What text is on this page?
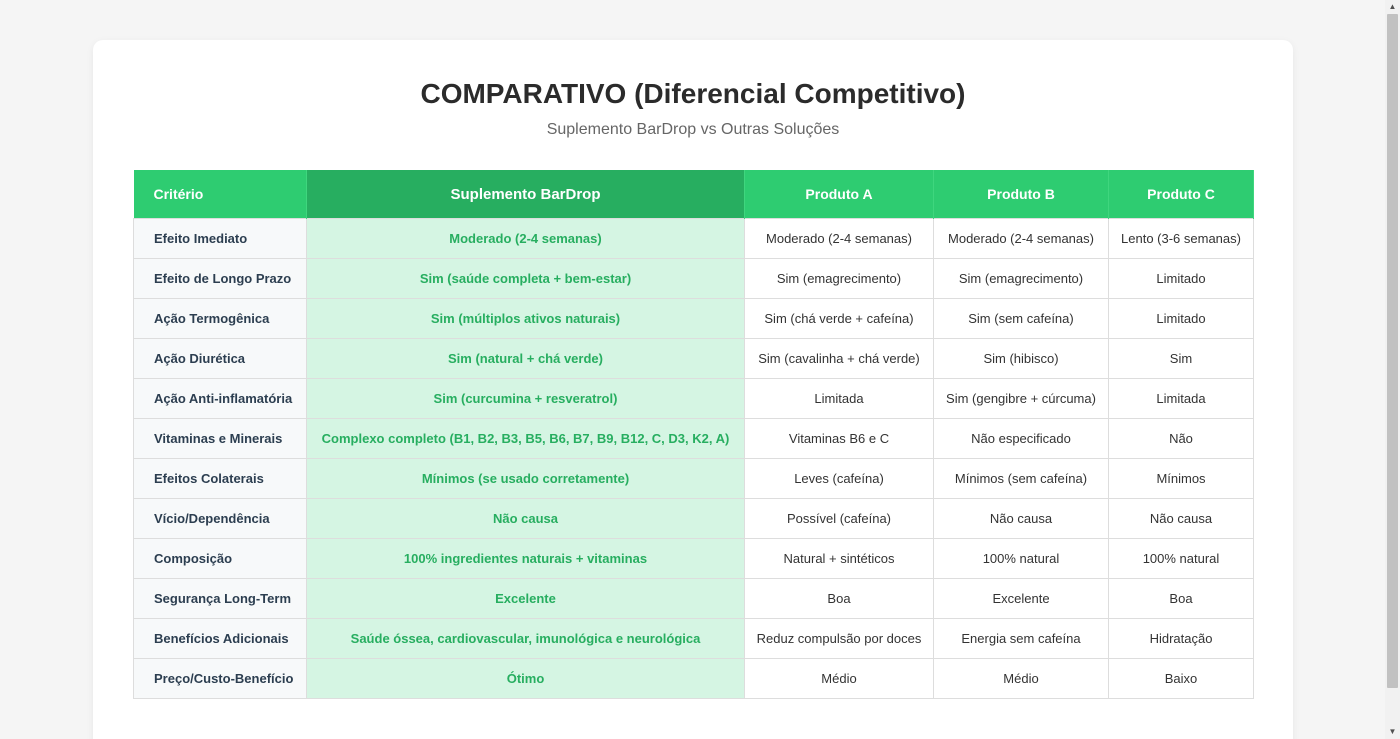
COMPARATIVO (Diferencial Competitivo)

Suplemento BarDrop vs Outras Soluções

Critério	Suplemento BarDrop	Produto A	Produto B	Produto C
Efeito Imediato	Moderado (2-4 semanas)	Moderado (2-4 semanas)	Moderado (2-4 semanas)	Lento (3-6 semanas)
Efeito de Longo Prazo	Sim (saúde completa + bem-estar)	Sim (emagrecimento)	Sim (emagrecimento)	Limitado
Ação Termogênica	Sim (múltiplos ativos naturais)	Sim (chá verde + cafeína)	Sim (sem cafeína)	Limitado
Ação Diurética	Sim (natural + chá verde)	Sim (cavalinha + chá verde)	Sim (hibisco)	Sim
Ação Anti-inflamatória	Sim (curcumina + resveratrol)	Limitada	Sim (gengibre + cúrcuma)	Limitada
Vitaminas e Minerais	Complexo completo (B1, B2, B3, B5, B6, B7, B9, B12, C, D3, K2, A)	Vitaminas B6 e C	Não especificado	Não
Efeitos Colaterais	Mínimos (se usado corretamente)	Leves (cafeína)	Mínimos (sem cafeína)	Mínimos
Vício/Dependência	Não causa	Possível (cafeína)	Não causa	Não causa
Composição	100% ingredientes naturais + vitaminas	Natural + sintéticos	100% natural	100% natural
Segurança Long-Term	Excelente	Boa	Excelente	Boa
Benefícios Adicionais	Saúde óssea, cardiovascular, imunológica e neurológica	Reduz compulsão por doces	Energia sem cafeína	Hidratação
Preço/Custo-Benefício	Ótimo	Médio	Médio	Baixo
▲
▼
